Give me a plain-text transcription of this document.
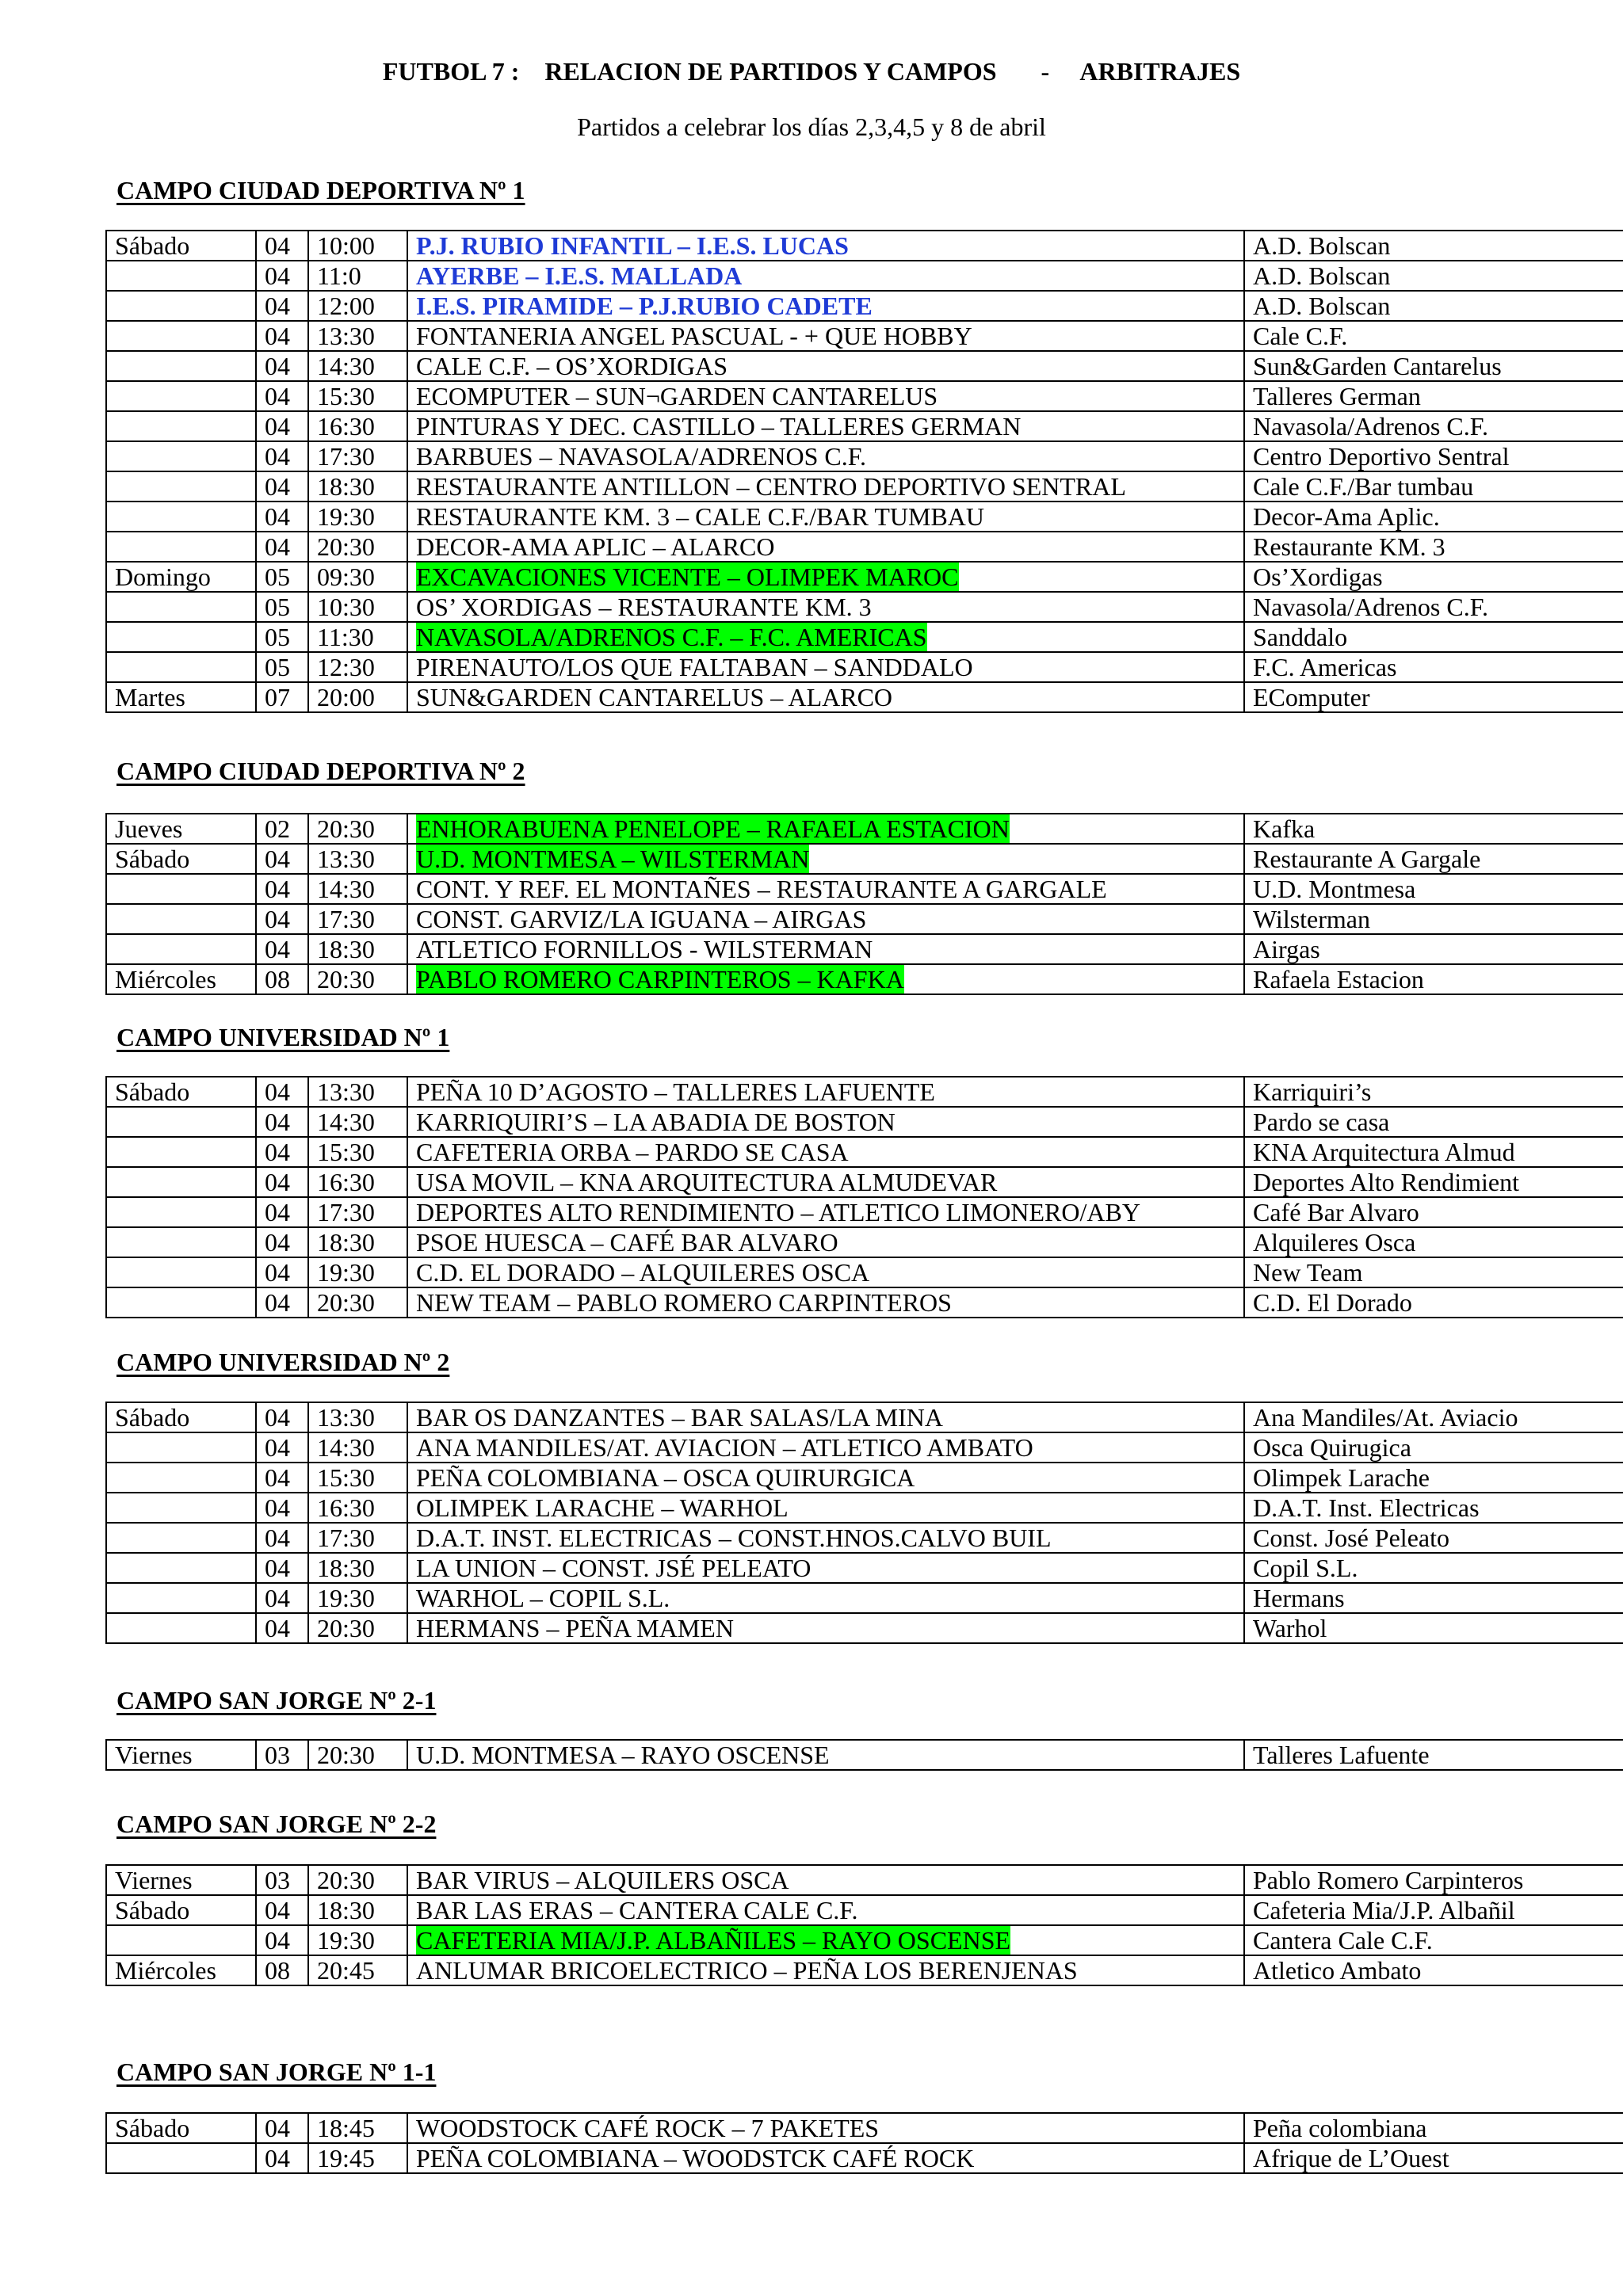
FUTBOL 7 :    RELACION DE PARTIDOS Y CAMPOS       -     ARBITRAJES
Partidos a celebrar los días 2,3,4,5 y 8 de abril
CAMPO CIUDAD DEPORTIVA Nº 1
Sábado	04	10:00	P.J. RUBIO INFANTIL – I.E.S. LUCAS	A.D. Bolscan
	04	11:0	AYERBE – I.E.S. MALLADA	A.D. Bolscan
	04	12:00	I.E.S. PIRAMIDE – P.J.RUBIO CADETE	A.D. Bolscan
	04	13:30	FONTANERIA ANGEL PASCUAL - + QUE HOBBY	Cale C.F.
	04	14:30	CALE C.F. – OS’XORDIGAS	Sun&Garden Cantarelus
	04	15:30	ECOMPUTER – SUN¬GARDEN CANTARELUS	Talleres German
	04	16:30	PINTURAS Y DEC. CASTILLO – TALLERES GERMAN	Navasola/Adrenos C.F.
	04	17:30	BARBUES – NAVASOLA/ADRENOS C.F.	Centro Deportivo Sentral
	04	18:30	RESTAURANTE ANTILLON – CENTRO DEPORTIVO SENTRAL	Cale C.F./Bar tumbau
	04	19:30	RESTAURANTE KM. 3 – CALE C.F./BAR TUMBAU	Decor-Ama Aplic.
	04	20:30	DECOR-AMA APLIC – ALARCO	Restaurante KM. 3
Domingo	05	09:30	EXCAVACIONES VICENTE – OLIMPEK MAROC	Os’Xordigas
	05	10:30	OS’ XORDIGAS – RESTAURANTE KM. 3	Navasola/Adrenos C.F.
	05	11:30	NAVASOLA/ADRENOS C.F. – F.C. AMERICAS	Sanddalo
	05	12:30	PIRENAUTO/LOS QUE FALTABAN – SANDDALO	F.C. Americas
Martes	07	20:00	SUN&GARDEN CANTARELUS – ALARCO	EComputer
CAMPO CIUDAD DEPORTIVA Nº 2
Jueves	02	20:30	ENHORABUENA PENELOPE – RAFAELA ESTACION	Kafka
Sábado	04	13:30	U.D. MONTMESA – WILSTERMAN	Restaurante A Gargale
	04	14:30	CONT. Y REF. EL MONTAÑES – RESTAURANTE A GARGALE	U.D. Montmesa
	04	17:30	CONST. GARVIZ/LA IGUANA – AIRGAS	Wilsterman
	04	18:30	ATLETICO FORNILLOS - WILSTERMAN	Airgas
Miércoles	08	20:30	PABLO ROMERO CARPINTEROS – KAFKA	Rafaela Estacion
CAMPO UNIVERSIDAD Nº 1
Sábado	04	13:30	PEÑA 10 D’AGOSTO – TALLERES LAFUENTE	Karriquiri’s
	04	14:30	KARRIQUIRI’S – LA ABADIA DE BOSTON	Pardo se casa
	04	15:30	CAFETERIA ORBA – PARDO SE CASA	KNA Arquitectura Almud
	04	16:30	USA MOVIL – KNA ARQUITECTURA ALMUDEVAR	Deportes Alto Rendimient
	04	17:30	DEPORTES ALTO RENDIMIENTO – ATLETICO LIMONERO/ABY	Café Bar Alvaro
	04	18:30	PSOE HUESCA – CAFÉ BAR ALVARO	Alquileres Osca
	04	19:30	C.D. EL DORADO – ALQUILERES OSCA	New Team
	04	20:30	NEW TEAM – PABLO ROMERO CARPINTEROS	C.D. El Dorado
CAMPO UNIVERSIDAD Nº 2
Sábado	04	13:30	BAR OS DANZANTES – BAR SALAS/LA MINA	Ana Mandiles/At. Aviacio
	04	14:30	ANA MANDILES/AT. AVIACION – ATLETICO AMBATO	Osca Quirugica
	04	15:30	PEÑA COLOMBIANA – OSCA QUIRURGICA	Olimpek Larache
	04	16:30	OLIMPEK LARACHE – WARHOL	D.A.T. Inst. Electricas
	04	17:30	D.A.T. INST. ELECTRICAS – CONST.HNOS.CALVO BUIL	Const. José Peleato
	04	18:30	LA UNION – CONST. JSÉ PELEATO	Copil S.L.
	04	19:30	WARHOL – COPIL S.L.	Hermans
	04	20:30	HERMANS – PEÑA MAMEN	Warhol
CAMPO SAN JORGE Nº 2-1
Viernes	03	20:30	U.D. MONTMESA – RAYO OSCENSE	Talleres Lafuente
CAMPO SAN JORGE Nº 2-2
Viernes	03	20:30	BAR VIRUS – ALQUILERS OSCA	Pablo Romero Carpinteros
Sábado	04	18:30	BAR LAS ERAS – CANTERA CALE C.F.	Cafeteria Mia/J.P. Albañil
	04	19:30	CAFETERIA MIA/J.P. ALBAÑILES – RAYO OSCENSE	Cantera Cale C.F.
Miércoles	08	20:45	ANLUMAR BRICOELECTRICO – PEÑA LOS BERENJENAS	Atletico Ambato
CAMPO SAN JORGE Nº 1-1
Sábado	04	18:45	WOODSTOCK CAFÉ ROCK – 7 PAKETES	Peña colombiana
	04	19:45	PEÑA COLOMBIANA – WOODSTCK CAFÉ ROCK	Afrique de L’Ouest
